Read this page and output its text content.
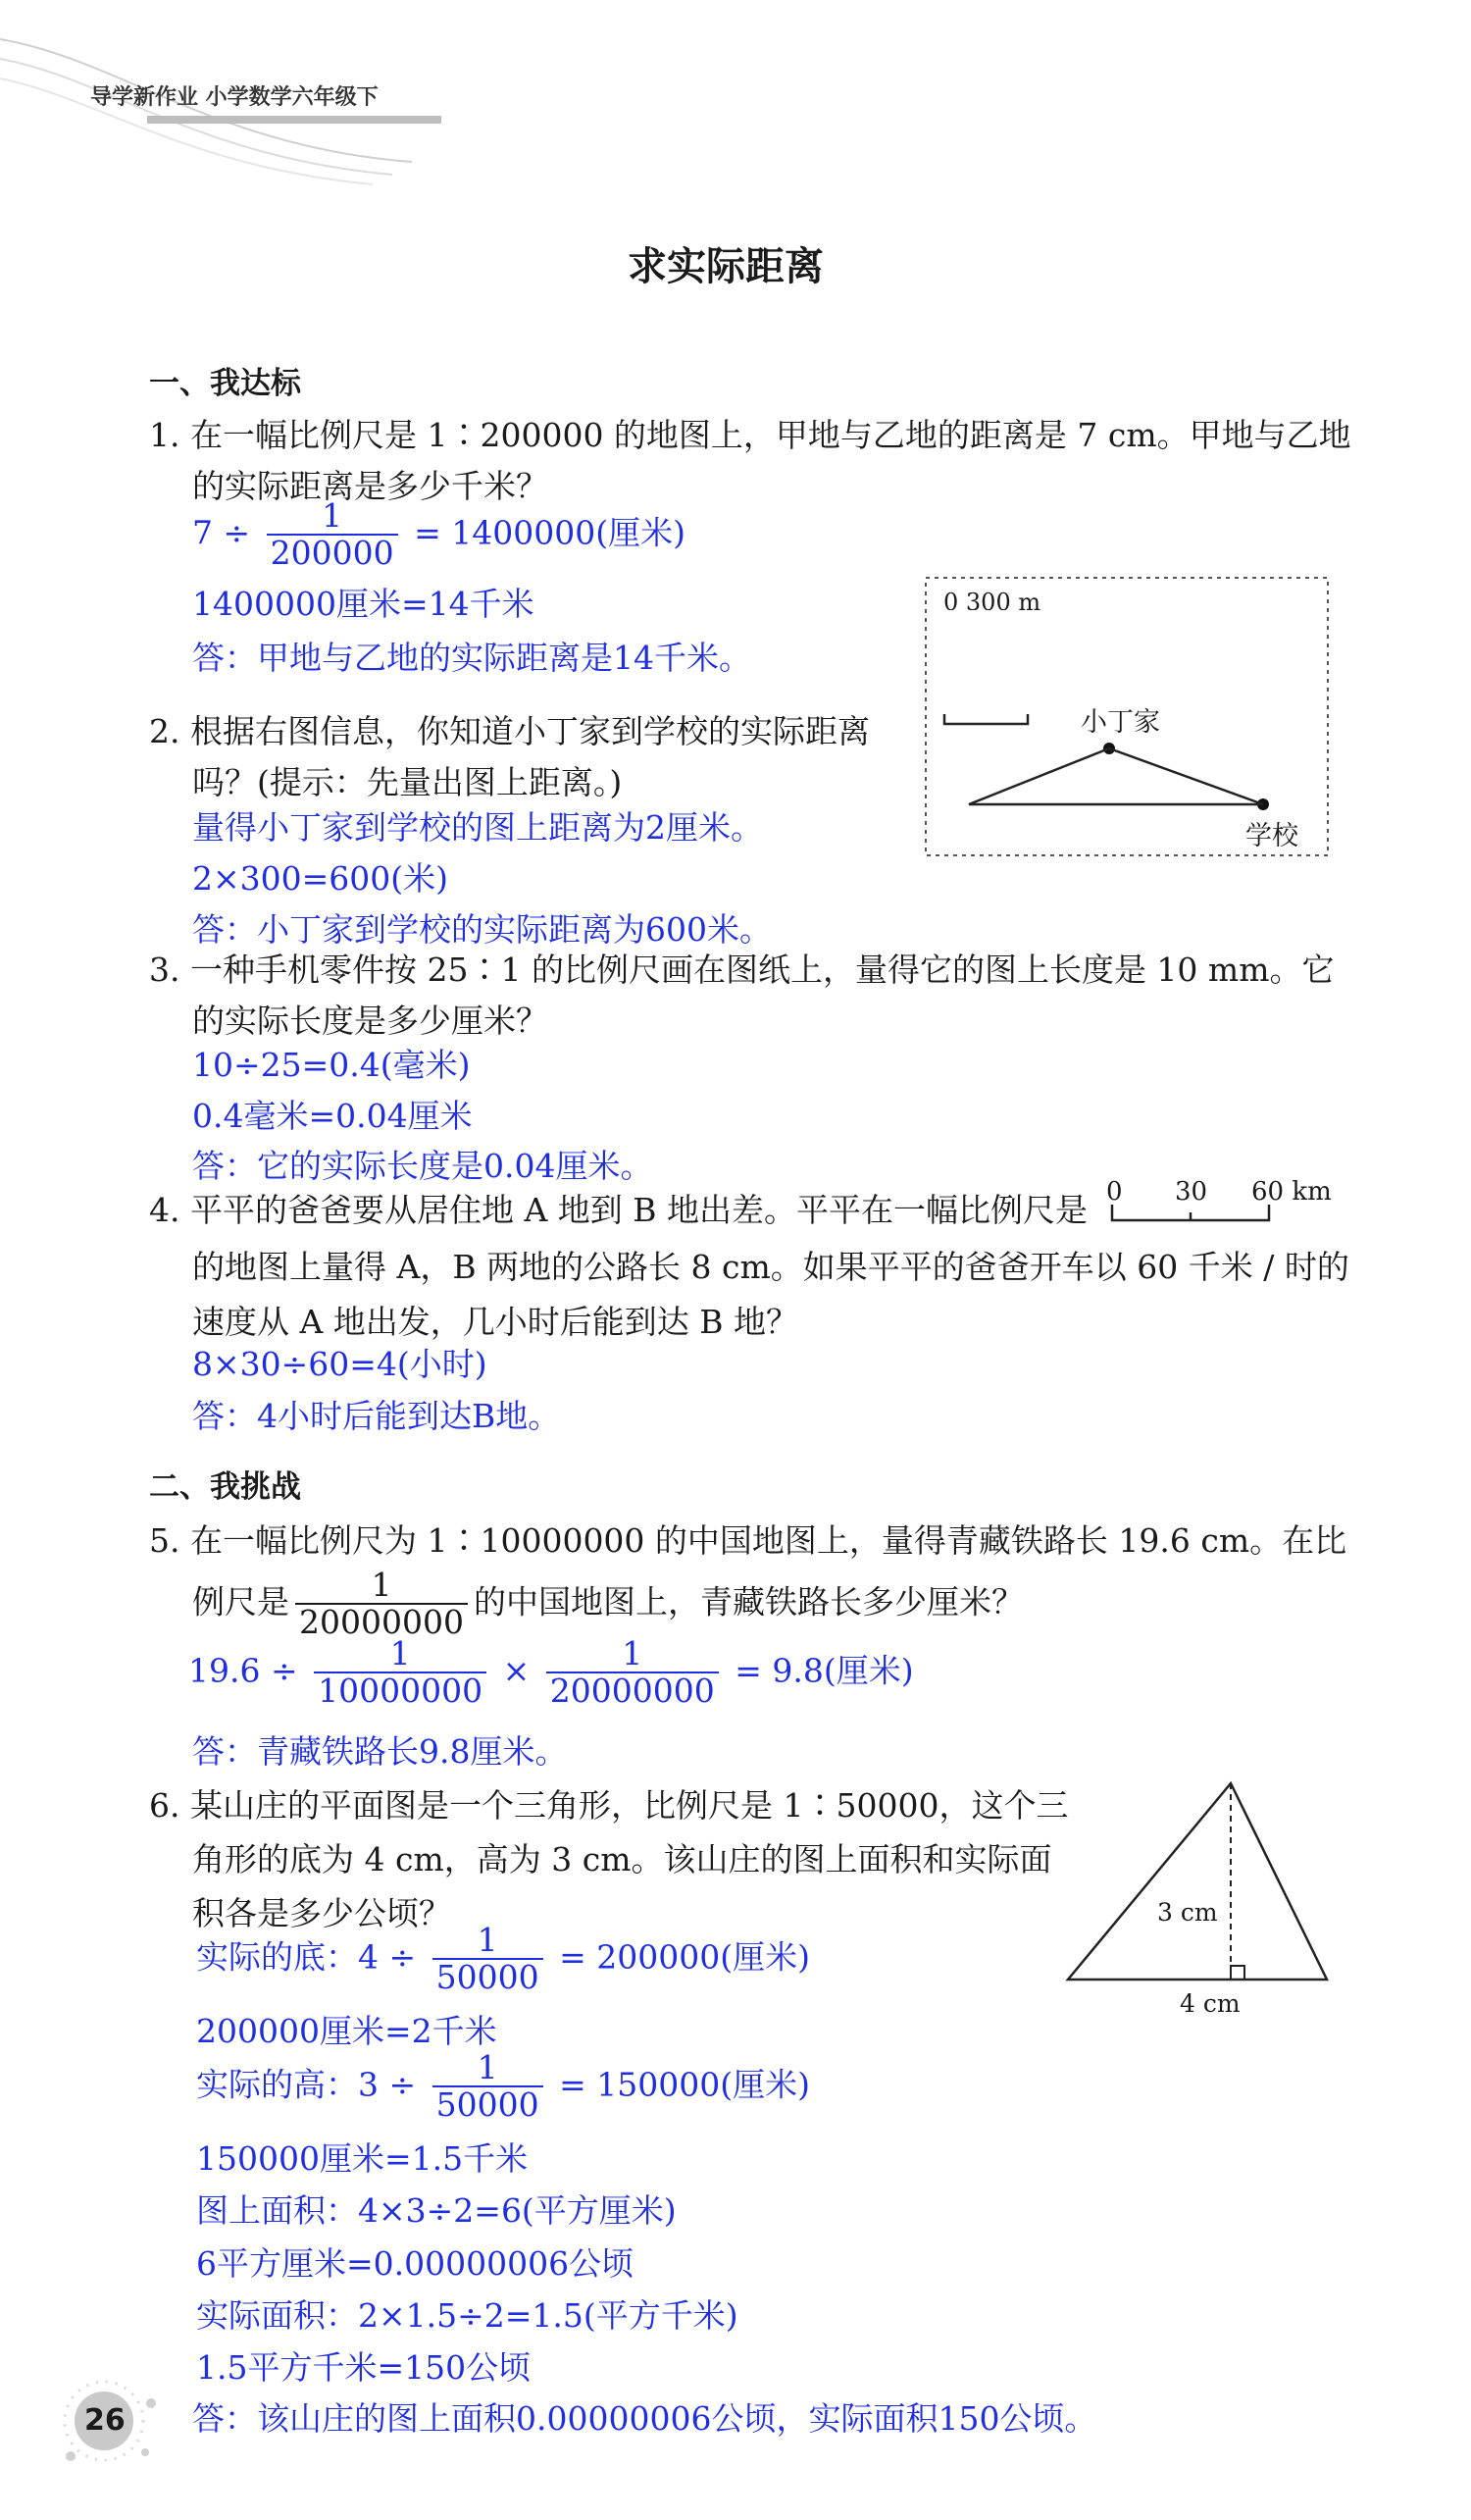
导学新作业 小学数学六年级下
求实际距离
一、我达标
1. 在一幅比例尺是 1∶200000 的地图上，甲地与乙地的距离是 7 cm。甲地与乙地
的实际距离是多少千米？
$7 \div \frac{1}{200000} = 1400000$(厘米)
1400000厘米=14千米
答：甲地与乙地的实际距离是14千米。
0 300 m
小丁家
学校
2. 根据右图信息，你知道小丁家到学校的实际距离
吗？(提示：先量出图上距离。)
量得小丁家到学校的图上距离为2厘米。
2×300=600(米)
答：小丁家到学校的实际距离为600米。
3. 一种手机零件按 25∶1 的比例尺画在图纸上，量得它的图上长度是 10 mm。它
的实际长度是多少厘米？
10÷25=0.4(毫米)
0.4毫米=0.04厘米
答：它的实际长度是0.04厘米。
4. 平平的爸爸要从居住地 A 地到 B 地出差。平平在一幅比例尺是 0 30 60 km
的地图上量得 A，B 两地的公路长 8 cm。如果平平的爸爸开车以 60 千米 / 时的
速度从 A 地出发，几小时后能到达 B 地？
8×30÷60=4(小时)
答：4小时后能到达B地。
二、我挑战
5. 在一幅比例尺为 1∶10000000 的中国地图上，量得青藏铁路长 19.6 cm。在比
例尺是 $\frac{1}{20000000}$ 的中国地图上，青藏铁路长多少厘米？
$19.6 \div \frac{1}{10000000} \times \frac{1}{20000000} = 9.8$(厘米)
答：青藏铁路长9.8厘米。
6. 某山庄的平面图是一个三角形，比例尺是 1∶50000，这个三
角形的底为 4 cm，高为 3 cm。该山庄的图上面积和实际面
积各是多少公顷？	3 cm
4 cm
实际的底：$4 \div \frac{1}{50000} = 200000$(厘米)
200000厘米=2千米
实际的高：$3 \div \frac{1}{50000} = 150000$(厘米)
150000厘米=1.5千米
图上面积：4×3÷2=6(平方厘米)
6平方厘米=0.00000006公顷
实际面积：2×1.5÷2=1.5(平方千米)
1.5平方千米=150公顷
答：该山庄的图上面积0.00000006公顷，实际面积150公顷。
26
